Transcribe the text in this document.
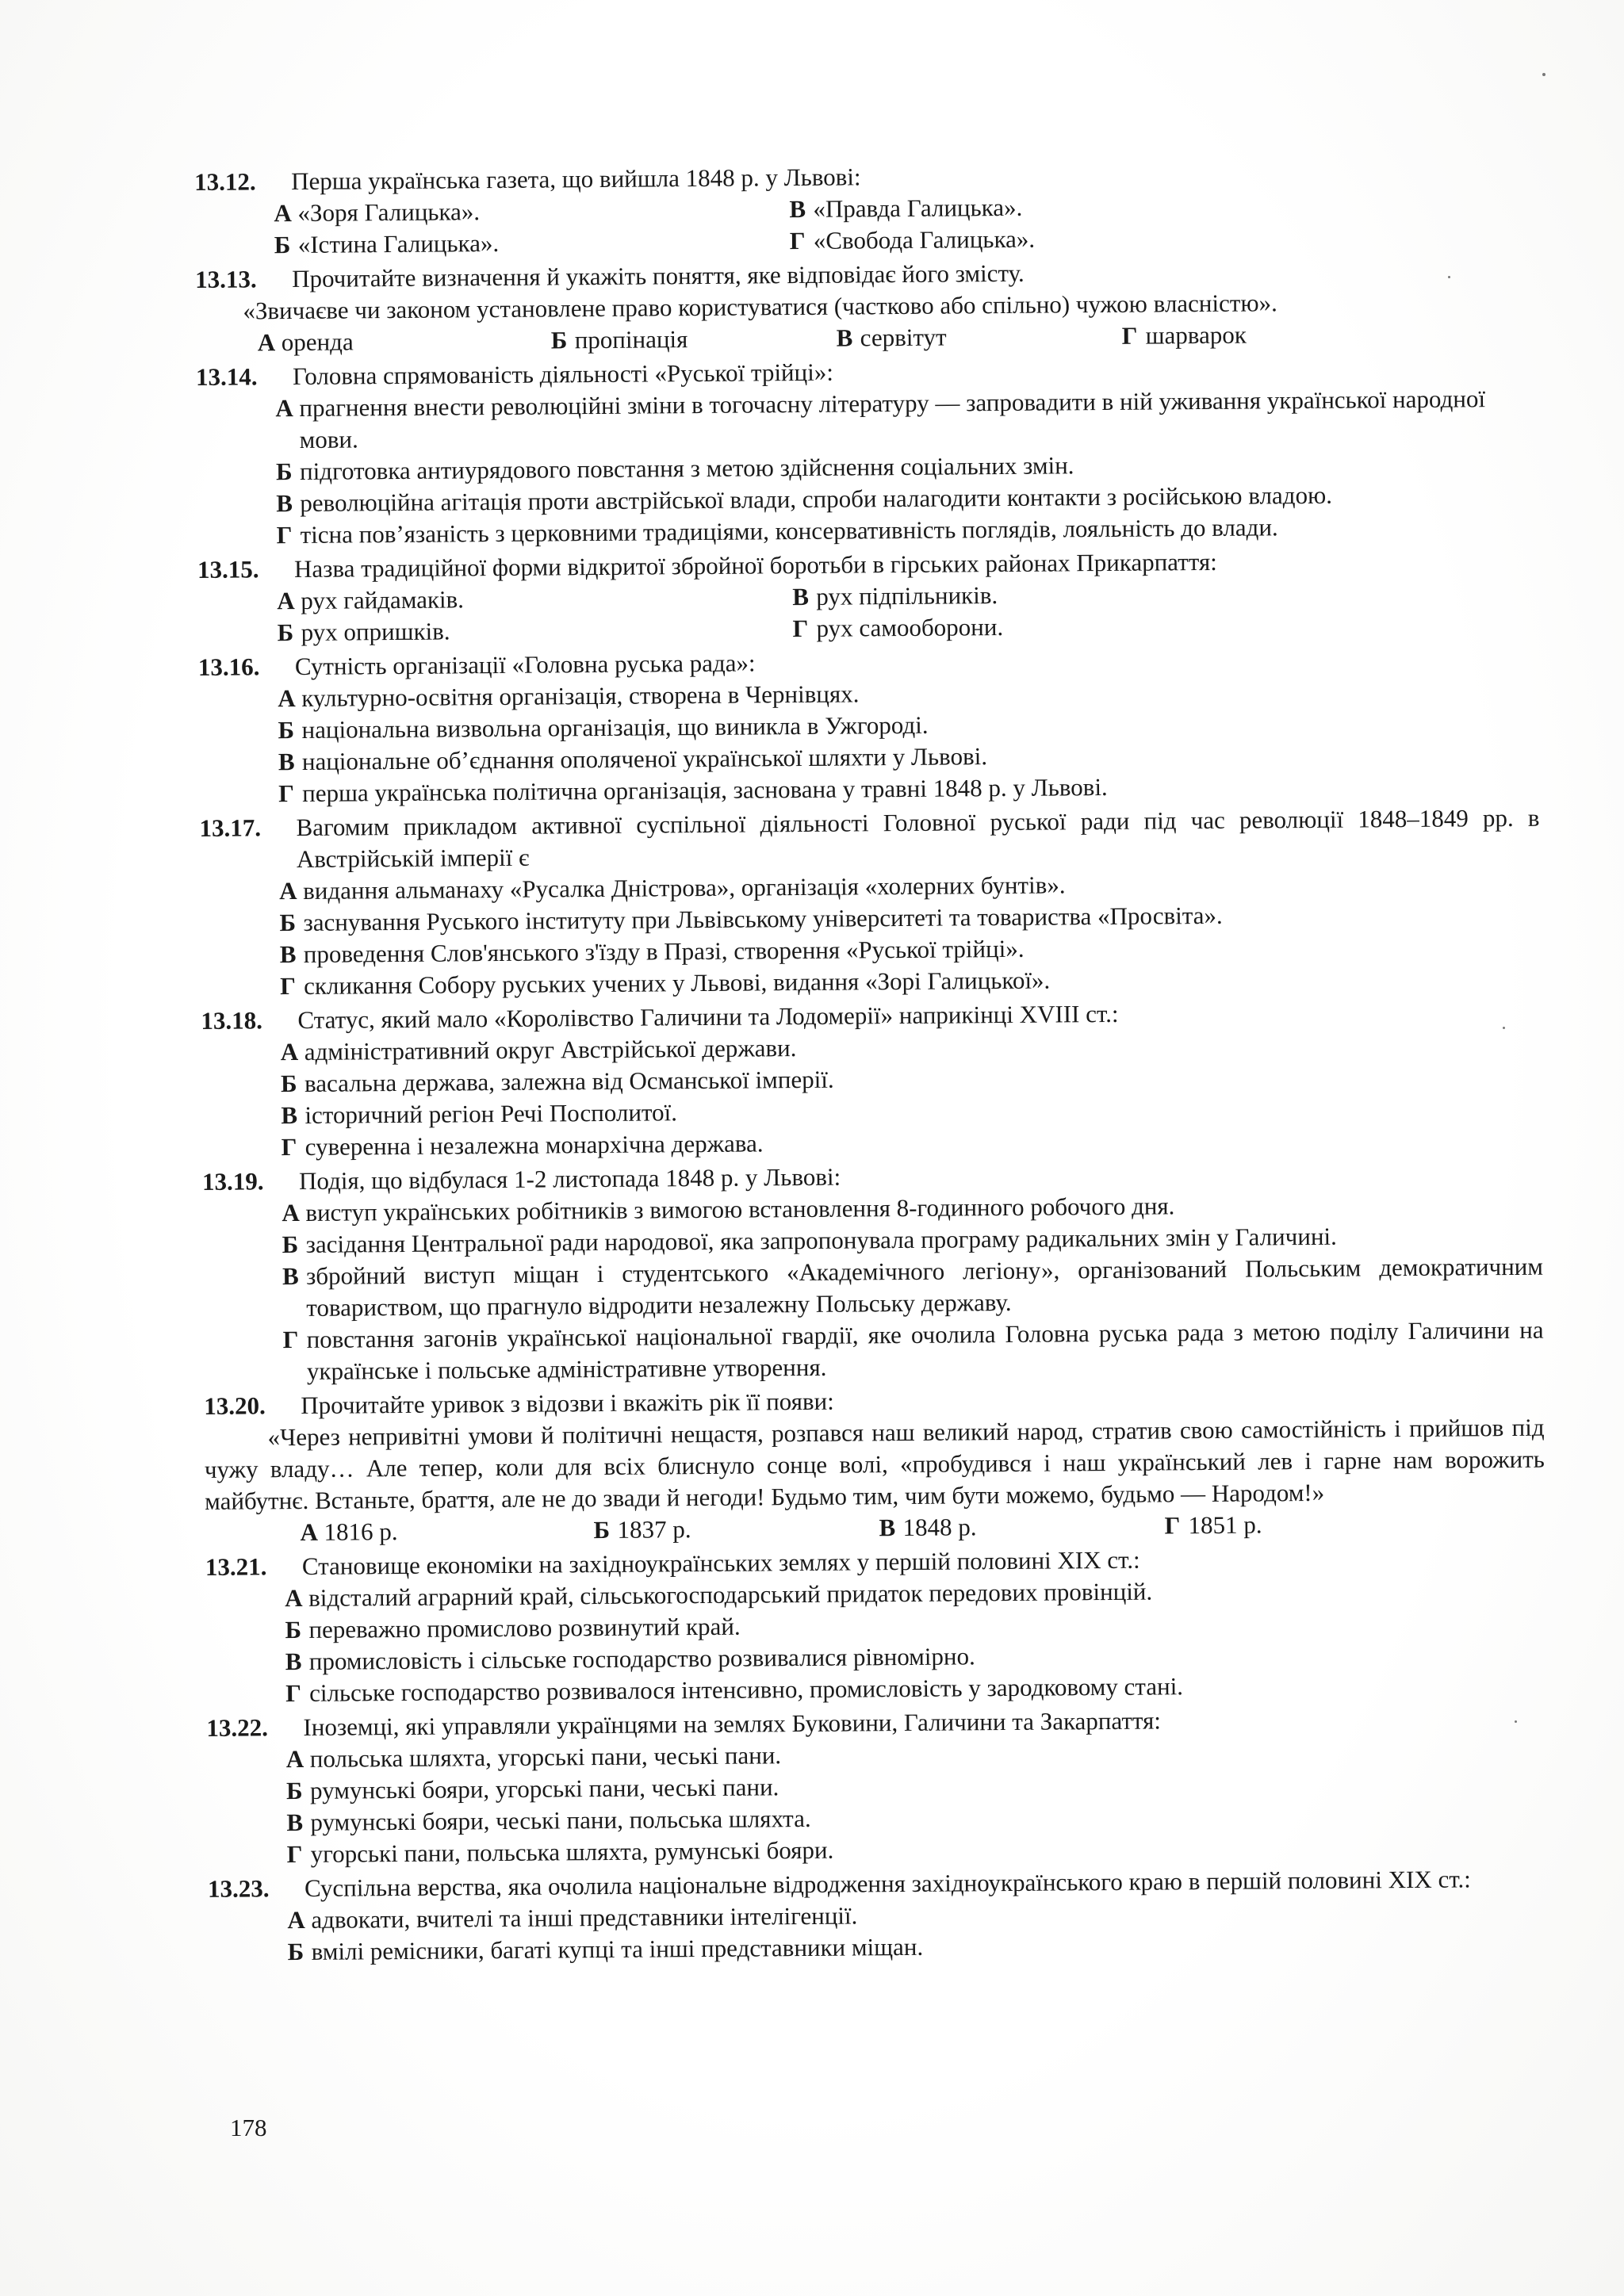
13.12.	Перша українська газета, що вийшла 1848 р. у Львові:
А «Зоря Галицька».	В «Правда Галицька».
Б «Істина Галицька».	Г «Свобода Галицька».
13.13.	Прочитайте визначення й укажіть поняття, яке відповідає його змісту.
«Звичаєве чи законом установлене право користуватися (частково або спільно) чужою власністю».
А оренда	Б пропінація	В сервітут	Г шарварок
13.14.	Головна спрямованість діяльності «Руської трійці»:
А прагнення внести революційні зміни в тогочасну літературу — запровадити в ній уживання української народної мови.
Б підготовка антиурядового повстання з метою здійснення соціальних змін.
В революційна агітація проти австрійської влади, спроби налагодити контакти з російською владою.
Г тісна пов’язаність з церковними традиціями, консервативність поглядів, лояльність до влади.
13.15.	Назва традиційної форми відкритої збройної боротьби в гірських районах Прикарпаття:
А рух гайдамаків.	В рух підпільників.
Б рух опришків.	Г рух самооборони.
13.16.	Сутність організації «Головна руська рада»:
А культурно-освітня організація, створена в Чернівцях.
Б національна визвольна організація, що виникла в Ужгороді.
В національне об’єднання ополяченої української шляхти у Львові.
Г перша українська політична організація, заснована у травні 1848 р. у Львові.
13.17.	Вагомим прикладом активної суспільної діяльності Головної руської ради під час революції 1848–1849 рр. в Австрійській імперії є
А видання альманаху «Русалка Дністрова», організація «холерних бунтів».
Б заснування Руського інституту при Львівському університеті та товариства «Просвіта».
В проведення Слов'янського з'їзду в Празі, створення «Руської трійці».
Г скликання Собору руських учених у Львові, видання «Зорі Галицької».
13.18.	Статус, який мало «Королівство Галичини та Лодомерії» наприкінці XVIII ст.:
А адміністративний округ Австрійської держави.
Б васальна держава, залежна від Османської імперії.
В історичний регіон Речі Посполитої.
Г суверенна і незалежна монархічна держава.
13.19.	Подія, що відбулася 1-2 листопада 1848 р. у Львові:
А виступ українських робітників з вимогою встановлення 8-годинного робочого дня.
Б засідання Центральної ради народової, яка запропонувала програму радикальних змін у Галичині.
В збройний виступ міщан і студентського «Академічного легіону», організований Польським демократичним товариством, що прагнуло відродити незалежну Польську державу.
Г повстання загонів української національної гвардії, яке очолила Головна руська рада з метою поділу Галичини на українське і польське адміністративне утворення.
13.20.	Прочитайте уривок з відозви і вкажіть рік її появи:
«Через непривітні умови й політичні нещастя, розпався наш великий народ, стратив свою самостійність і прийшов під чужу владу… Але тепер, коли для всіх блиснуло сонце волі, «пробудився і наш український лев і гарне нам ворожить майбутнє. Встаньте, браття, але не до звади й негоди! Будьмо тим, чим бути можемо, будьмо — Народом!»
А 1816 р.	Б 1837 р.	В 1848 р.	Г 1851 р.
13.21.	Становище економіки на західноукраїнських землях у першій половині XIX ст.:
А відсталий аграрний край, сільськогосподарський придаток передових провінцій.
Б переважно промислово розвинутий край.
В промисловість і сільське господарство розвивалися рівномірно.
Г сільське господарство розвивалося інтенсивно, промисловість у зародковому стані.
13.22.	Іноземці, які управляли українцями на землях Буковини, Галичини та Закарпаття:
А польська шляхта, угорські пани, чеські пани.
Б румунські бояри, угорські пани, чеські пани.
В румунські бояри, чеські пани, польська шляхта.
Г угорські пани, польська шляхта, румунські бояри.
13.23.	Суспільна верства, яка очолила національне відродження західноукраїнського краю в першій половині XIX ст.:
А адвокати, вчителі та інші представники інтелігенції.
Б вмілі ремісники, багаті купці та інші представники міщан.
178
